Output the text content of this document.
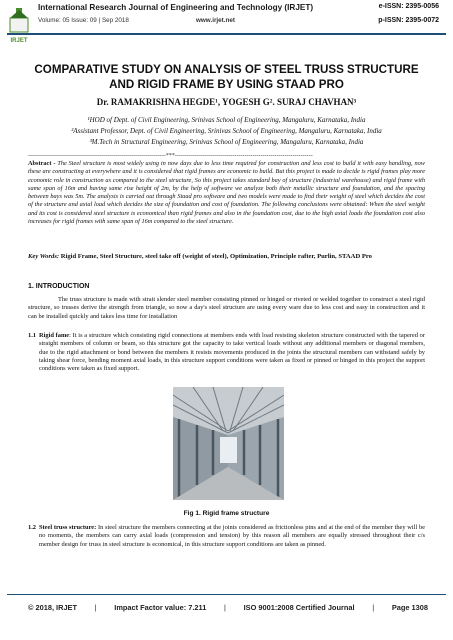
IRJET
International Research Journal of Engineering and Technology (IRJET)
Volume: 05 Issue: 09 | Sep 2018	www.irjet.net
e-ISSN: 2395-0056
p-ISSN: 2395-0072
COMPARATIVE STUDY ON ANALYSIS OF STEEL TRUSS STRUCTURE AND RIGID FRAME BY USING STAAD PRO
Dr. RAMAKRISHNA HEGDE¹, YOGESH G². SURAJ CHAVHAN³
¹HOD of Dept. of Civil Engineering, Srinivas School of Engineering, Mangaluru, Karnataka, India
²Assistant Professor, Dept. of Civil Engineering, Srinivas School of Engineering, Mangaluru, Karnataka, India
³M.Tech in Structural Engineering, Srinivas School of Engineering, Mangaluru, Karnataka, India
---------------------------------------------------------------------***---------------------------------------------------------------------
Abstract - The Steel structure is most widely using in now days due to less time required for construction and less cost to build it with easy handling, now these are constructing at everywhere and it is considered that rigid frames are economic to build. But this project is made to decide is rigid frames play more economic role in construction as compared to the steel structure, So this project takes standard bay of structure (industrial warehouse) and rigid frame with same span of 16m and having same rise height of 2m, by the help of software we analyze both their metallic structure and foundation, and the spacing between bays was 5m. The analysis is carried out through Staad pro software and two models were made to find their weight of steel which decides the cost of the structure and axial load which decides the size of foundation and cost of foundation. The following conclusions were obtained: When the steel weight and its cost is considered steel structure is economical than rigid frames and also in the foundation cost, due to the high axial loads the foundation cost also increases for rigid frames with same span of 16m compared to the steel structure.
Key Words: Rigid Frame, Steel Structure, steel take off (weight of steel), Optimization, Principle rafter, Purlin, STAAD Pro
1. INTRODUCTION
The truss structure is made with strait slender steel member consisting pinned or hinged or riveted or welded together to construct a steel rigid structure, so trusses derive the strength from triangle, so now a day's steel structure are using every ware due to less cost and easy in construction and it can be installed quickly and takes less time for installation
1.1 Rigid fame: It is a structure which consisting rigid connections at members ends with load resisting skeleton structure constructed with the tapered or straight members of column or beam, so this structure got the capacity to take vertical loads without any additional members or diagonal members, due to the rigid attachment or bond between the members it resists movements produced in the joints the structural members can withstand safely by taking shear force, bending moment axial loads, in this structure support conditions were taken as fixed or pinned or hinged in this project the support conditions were taken as fixed support.
Fig 1. Rigid frame structure
1.2 Steel truss structure: In steel structure the members connecting at the joints considered as frictionless pins and at the end of the member they will be no moments, the members can carry axial loads (compression and tension) by this reason all members are equally stressed throughout their c/s member design for truss in steel structure is economical, in this structure support conditions are taken as pinned.
© 2018, IRJET | Impact Factor value: 7.211 | ISO 9001:2008 Certified Journal | Page 1308
